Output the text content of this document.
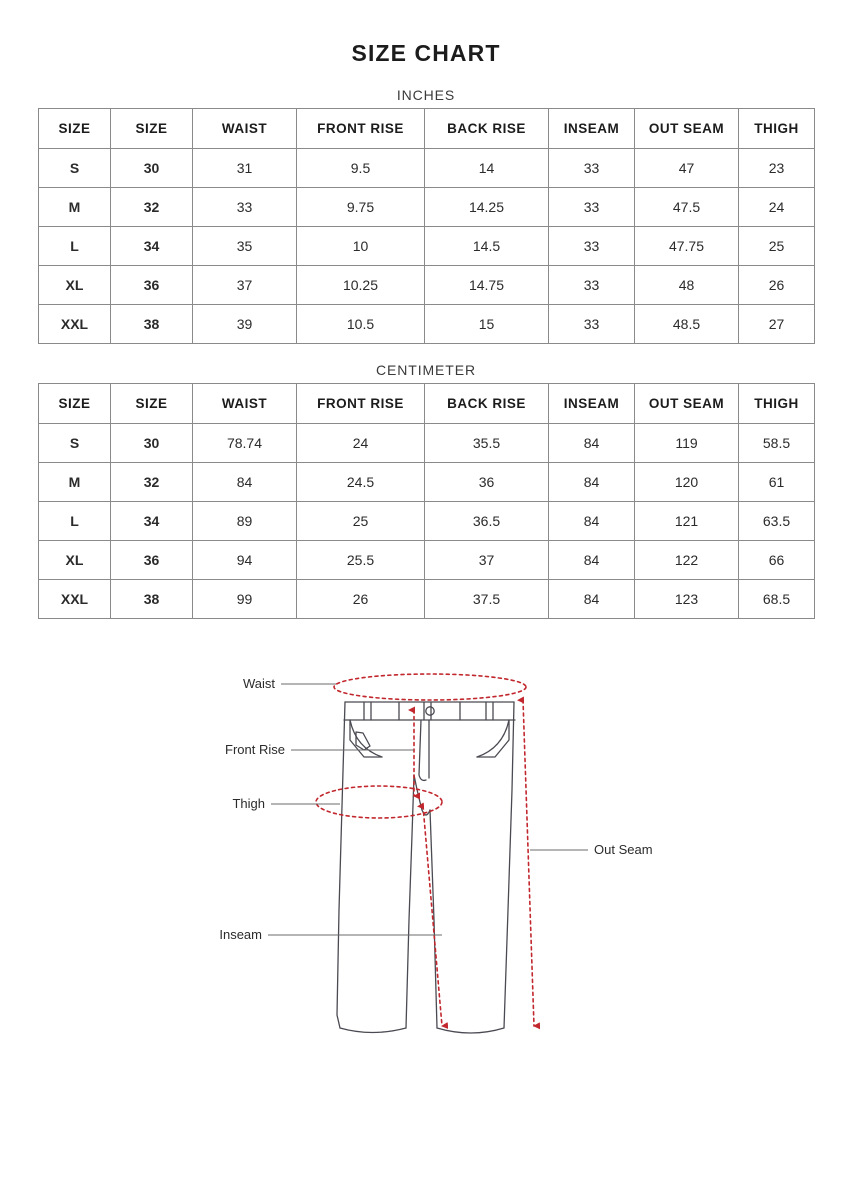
SIZE CHART
INCHES
SIZE	SIZE	WAIST	FRONT RISE	BACK RISE	INSEAM	OUT SEAM	THIGH
S	30	31	9.5	14	33	47	23
M	32	33	9.75	14.25	33	47.5	24
L	34	35	10	14.5	33	47.75	25
XL	36	37	10.25	14.75	33	48	26
XXL	38	39	10.5	15	33	48.5	27
CENTIMETER
SIZE	SIZE	WAIST	FRONT RISE	BACK RISE	INSEAM	OUT SEAM	THIGH
S	30	78.74	24	35.5	84	119	58.5
M	32	84	24.5	36	84	120	61
L	34	89	25	36.5	84	121	63.5
XL	36	94	25.5	37	84	122	66
XXL	38	99	26	37.5	84	123	68.5
Waist
Front Rise
Thigh
Out Seam
Inseam
